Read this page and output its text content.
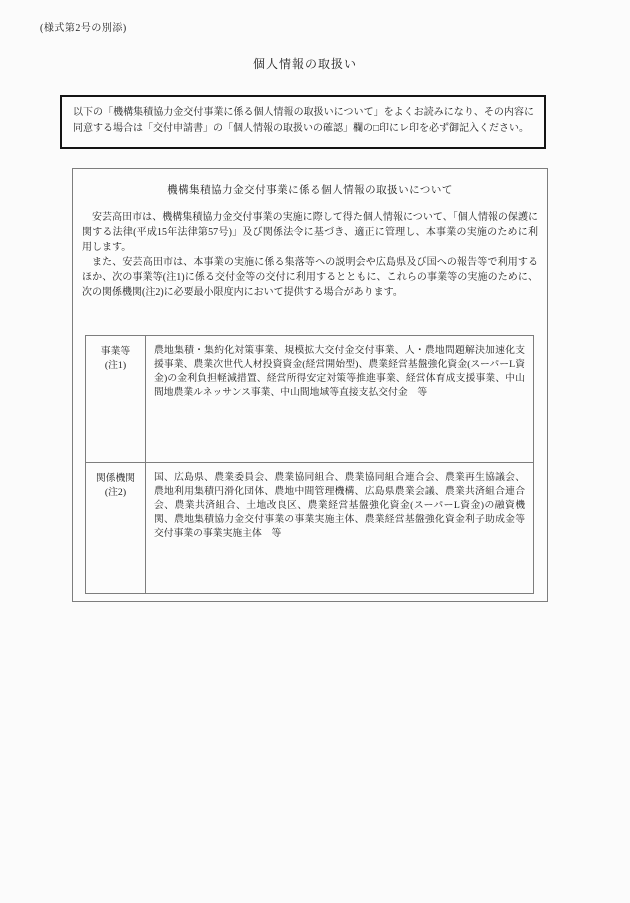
(様式第2号の別添)
個人情報の取扱い
以下の「機構集積協力金交付事業に係る個人情報の取扱いについて」をよくお読みになり、その内容に同意する場合は「交付申請書」の「個人情報の取扱いの確認」欄の□印にレ印を必ず御記入ください。
機構集積協力金交付事業に係る個人情報の取扱いについて

安芸高田市は、機構集積協力金交付事業の実施に際して得た個人情報について、「個人情報の保護に関する法律(平成15年法律第57号)」及び関係法令に基づき、適正に管理し、本事業の実施のために利用します。

また、安芸高田市は、本事業の実施に係る集落等への説明会や広島県及び国への報告等で利用するほか、次の事業等(注1)に係る交付金等の交付に利用するとともに、これらの事業等の実施のために、次の関係機関(注2)に必要最小限度内において提供する場合があります。

事業等
(注1)	農地集積・集約化対策事業、規模拡大交付金交付事業、人・農地問題解決加速化支援事業、農業次世代人材投資資金(経営開始型)、農業経営基盤強化資金(スーパーL資金)の金利負担軽減措置、経営所得安定対策等推進事業、経営体育成支援事業、中山間地農業ルネッサンス事業、中山間地域等直接支払交付金　等

関係機関
(注2)	国、広島県、農業委員会、農業協同組合、農業協同組合連合会、農業再生協議会、農地利用集積円滑化団体、農地中間管理機構、広島県農業会議、農業共済組合連合会、農業共済組合、土地改良区、農業経営基盤強化資金(スーパーL資金)の融資機関、農地集積協力金交付事業の事業実施主体、農業経営基盤強化資金利子助成金等交付事業の事業実施主体　等
